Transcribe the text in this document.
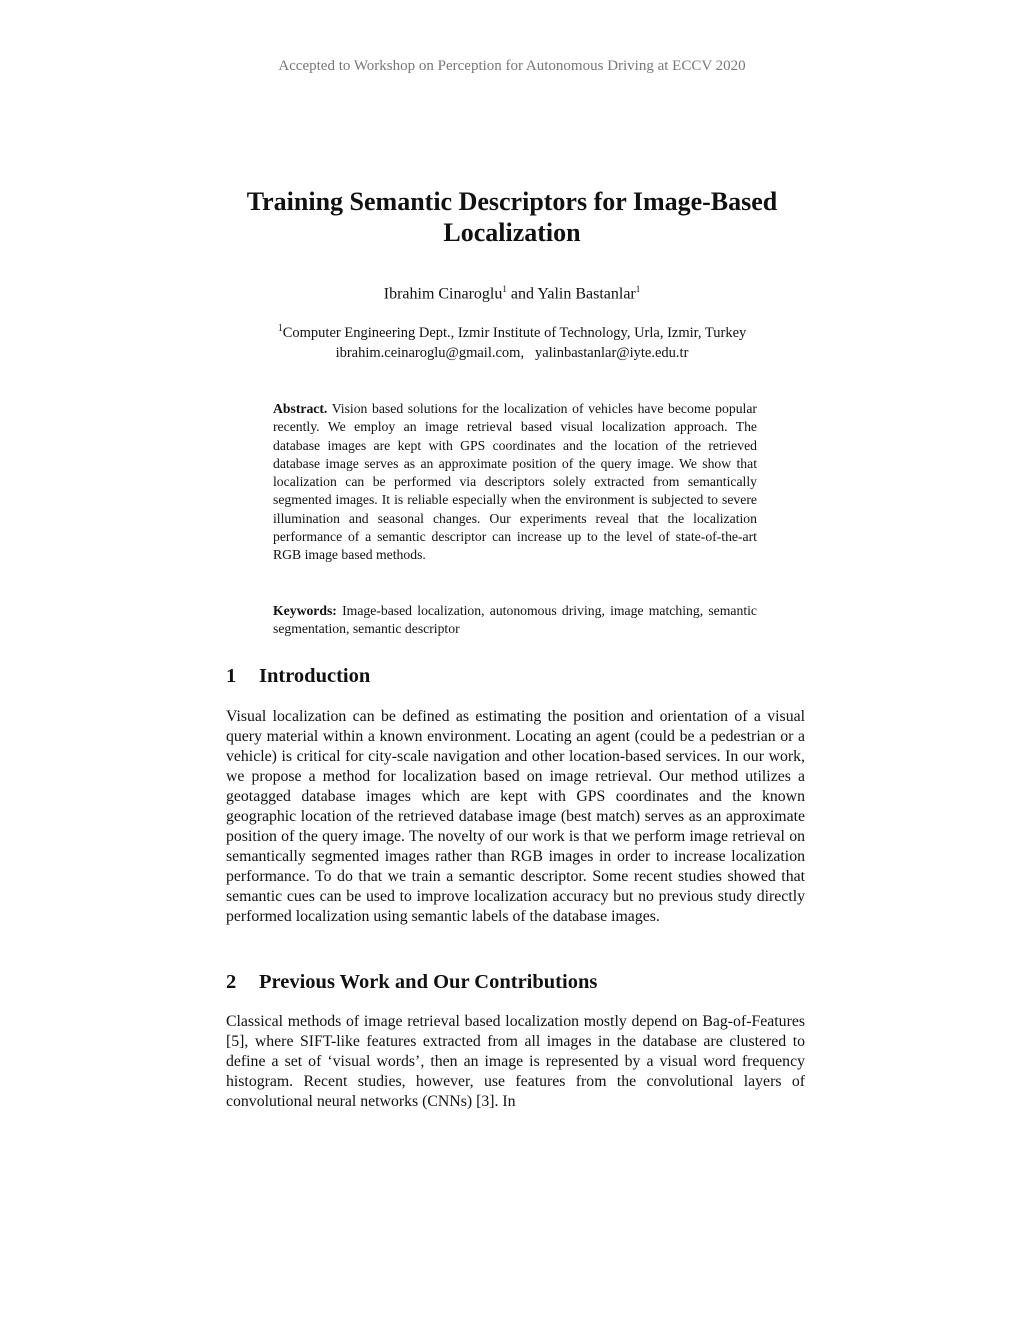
Accepted to Workshop on Perception for Autonomous Driving at ECCV 2020
Training Semantic Descriptors for Image-Based Localization
Ibrahim Cinaroglu$^1$ and Yalin Bastanlar$^1$
$^1$Computer Engineering Dept., Izmir Institute of Technology, Urla, Izmir, Turkey
ibrahim.ceinaroglu@gmail.com,   yalinbastanlar@iyte.edu.tr

Abstract. Vision based solutions for the localization of vehicles have become popular recently. We employ an image retrieval based visual localization approach. The database images are kept with GPS coordinates and the location of the retrieved database image serves as an approximate position of the query image. We show that localization can be performed via descriptors solely extracted from semantically segmented images. It is reliable especially when the environment is subjected to severe illumination and seasonal changes. Our experiments reveal that the localization performance of a semantic descriptor can increase up to the level of state-of-the-art RGB image based methods.

Keywords: Image-based localization, autonomous driving, image matching, semantic segmentation, semantic descriptor

1 Introduction

Visual localization can be defined as estimating the position and orientation of a visual query material within a known environment. Locating an agent (could be a pedestrian or a vehicle) is critical for city-scale navigation and other location-based services. In our work, we propose a method for localization based on image retrieval. Our method utilizes a geotagged database images which are kept with GPS coordinates and the known geographic location of the retrieved database image (best match) serves as an approximate position of the query image. The novelty of our work is that we perform image retrieval on semantically segmented images rather than RGB images in order to increase localization performance. To do that we train a semantic descriptor. Some recent studies showed that semantic cues can be used to improve localization accuracy but no previous study directly performed localization using semantic labels of the database images.

2 Previous Work and Our Contributions

Classical methods of image retrieval based localization mostly depend on Bag-of-Features [5], where SIFT-like features extracted from all images in the database are clustered to define a set of ‘visual words’, then an image is represented by a visual word frequency histogram. Recent studies, however, use features from the convolutional layers of convolutional neural networks (CNNs) [3]. In
